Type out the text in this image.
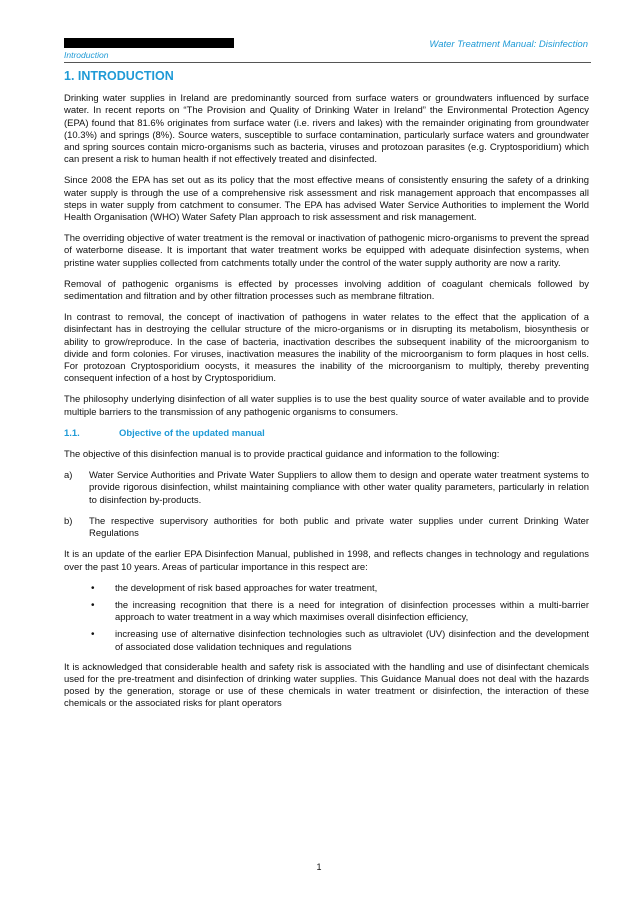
Introduction
Water Treatment Manual: Disinfection
1. INTRODUCTION

Drinking water supplies in Ireland are predominantly sourced from surface waters or groundwaters influenced by surface water. In recent reports on “The Provision and Quality of Drinking Water in Ireland” the Environmental Protection Agency (EPA) found that 81.6% originates from surface water (i.e. rivers and lakes) with the remainder originating from groundwater (10.3%) and springs (8%). Source waters, susceptible to surface contamination, particularly surface waters and groundwater and spring sources contain micro-organisms such as bacteria, viruses and protozoan parasites (e.g. Cryptosporidium) which can present a risk to human health if not effectively treated and disinfected.

Since 2008 the EPA has set out as its policy that the most effective means of consistently ensuring the safety of a drinking water supply is through the use of a comprehensive risk assessment and risk management approach that encompasses all steps in water supply from catchment to consumer. The EPA has advised Water Service Authorities to implement the World Health Organisation (WHO) Water Safety Plan approach to risk assessment and risk management.

The overriding objective of water treatment is the removal or inactivation of pathogenic micro-organisms to prevent the spread of waterborne disease. It is important that water treatment works be equipped with adequate disinfection systems, when pristine water supplies collected from catchments totally under the control of the water supply authority are now a rarity.

Removal of pathogenic organisms is effected by processes involving addition of coagulant chemicals followed by sedimentation and filtration and by other filtration processes such as membrane filtration.

In contrast to removal, the concept of inactivation of pathogens in water relates to the effect that the application of a disinfectant has in destroying the cellular structure of the micro-organisms or in disrupting its metabolism, biosynthesis or ability to grow/reproduce. In the case of bacteria, inactivation describes the subsequent inability of the microorganism to divide and form colonies. For viruses, inactivation measures the inability of the microorganism to form plaques in host cells. For protozoan Cryptosporidium oocysts, it measures the inability of the microorganism to multiply, thereby preventing consequent infection of a host by Cryptosporidium.

The philosophy underlying disinfection of all water supplies is to use the best quality source of water available and to provide multiple barriers to the transmission of any pathogenic organisms to consumers.

1.1.	Objective of the updated manual

The objective of this disinfection manual is to provide practical guidance and information to the following:

a)	Water Service Authorities and Private Water Suppliers to allow them to design and operate water treatment systems to provide rigorous disinfection, whilst maintaining compliance with other water quality parameters, particularly in relation to disinfection by-products.
b)	The respective supervisory authorities for both public and private water supplies under current Drinking Water Regulations

It is an update of the earlier EPA Disinfection Manual, published in 1998, and reflects changes in technology and regulations over the past 10 years. Areas of particular importance in this respect are:

•	the development of risk based approaches for water treatment,
•	the increasing recognition that there is a need for integration of disinfection processes within a multi-barrier approach to water treatment in a way which maximises overall disinfection efficiency,
•	increasing use of alternative disinfection technologies such as ultraviolet (UV) disinfection and the development of associated dose validation techniques and regulations

It is acknowledged that considerable health and safety risk is associated with the handling and use of disinfectant chemicals used for the pre-treatment and disinfection of drinking water supplies. This Guidance Manual does not deal with the hazards posed by the generation, storage or use of these chemicals in water treatment or disinfection, the interaction of these chemicals or the associated risks for plant operators

1
